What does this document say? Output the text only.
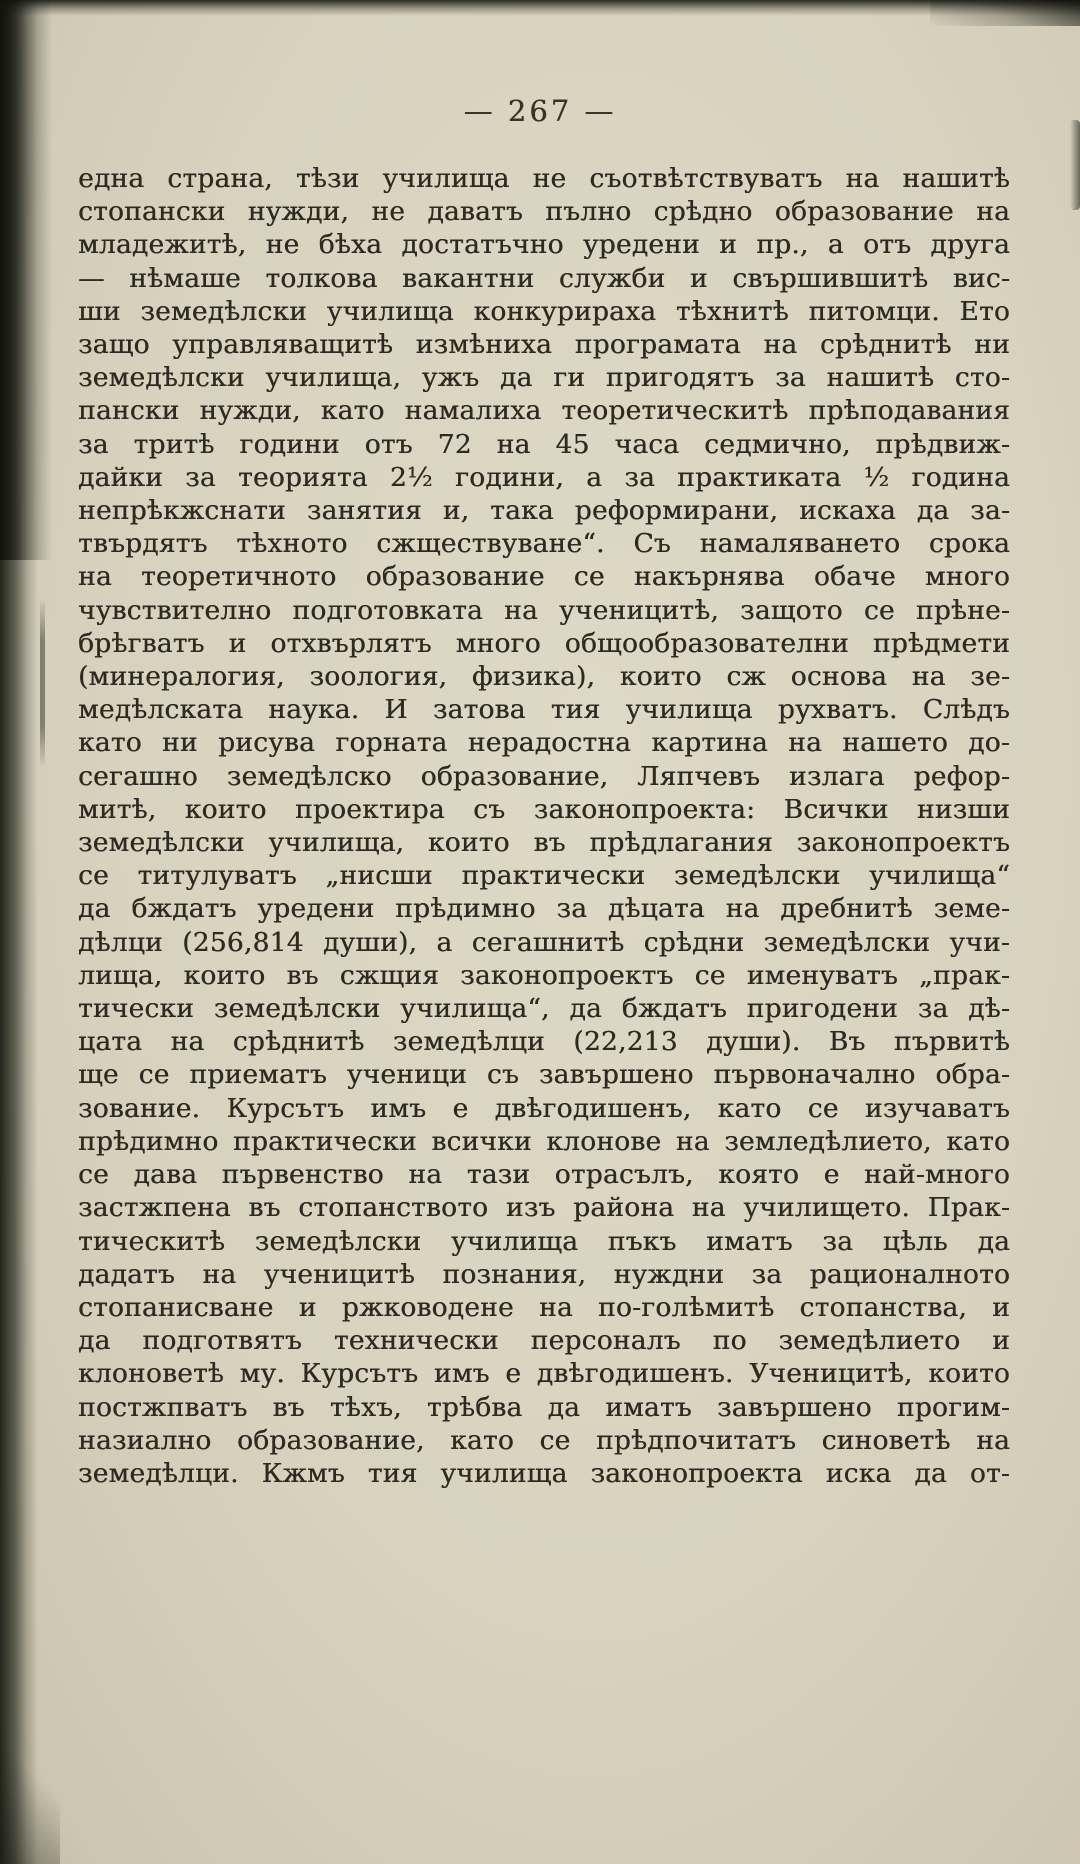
— 267 —
една страна, тѣзи училища не съотвѣтствуватъ на нашитѣ
стопански нужди, не даватъ пълно срѣдно образование на
младежитѣ, не бѣха достатъчно уредени и пр., а отъ друга
— нѣмаше толкова вакантни служби и свършившитѣ вис-
ши земедѣлски училища конкурираха тѣхнитѣ питомци. Ето
защо управляващитѣ измѣниха програмата на срѣднитѣ ни
земедѣлски училища, ужъ да ги пригодятъ за нашитѣ сто-
пански нужди, като намалиха теоретическитѣ прѣподавания
за тритѣ години отъ 72 на 45 часа седмично, прѣдвиж-
дайки за теорията 2½ години, а за практиката ½ година
непрѣкжснати занятия и, така реформирани, искаха да за-
твърдятъ тѣхното сжществуване“. Съ намаляването срока
на теоретичното образование се накърнява обаче много
чувствително подготовката на ученицитѣ, защото се прѣне-
брѣгватъ и отхвърлятъ много общообразователни прѣдмети
(минералогия, зоология, физика), които сж основа на зе-
медѣлската наука. И затова тия училища рухватъ. Слѣдъ
като ни рисува горната нерадостна картина на нашето до-
сегашно земедѣлско образование, Ляпчевъ излага рефор-
митѣ, които проектира съ законопроекта: Всички низши
земедѣлски училища, които въ прѣдлагания законопроектъ
се титулуватъ „нисши практически земедѣлски училища“
да бждатъ уредени прѣдимно за дѣцата на дребнитѣ земе-
дѣлци (256,814 души), а сегашнитѣ срѣдни земедѣлски учи-
лища, които въ сжщия законопроектъ се именуватъ „прак-
тически земедѣлски училища“, да бждатъ пригодени за дѣ-
цата на срѣднитѣ земедѣлци (22,213 души). Въ първитѣ
ще се приематъ ученици съ завършено първоначално обра-
зование. Курсътъ имъ е двѣгодишенъ, като се изучаватъ
прѣдимно практически всички клонове на земледѣлието, като
се дава първенство на тази отрасълъ, която е най-много
застжпена въ стопанството изъ района на училището. Прак-
тическитѣ земедѣлски училища пъкъ иматъ за цѣль да
дадатъ на ученицитѣ познания, нуждни за рационалното
стопанисване и ржководене на по-голѣмитѣ стопанства, и
да подготвятъ технически персоналъ по земедѣлието и
клоноветѣ му. Курсътъ имъ е двѣгодишенъ. Ученицитѣ, които
постжпватъ въ тѣхъ, трѣбва да иматъ завършено прогим-
назиално образование, като се прѣдпочитатъ синоветѣ на
земедѣлци. Кжмъ тия училища законопроекта иска да от-
